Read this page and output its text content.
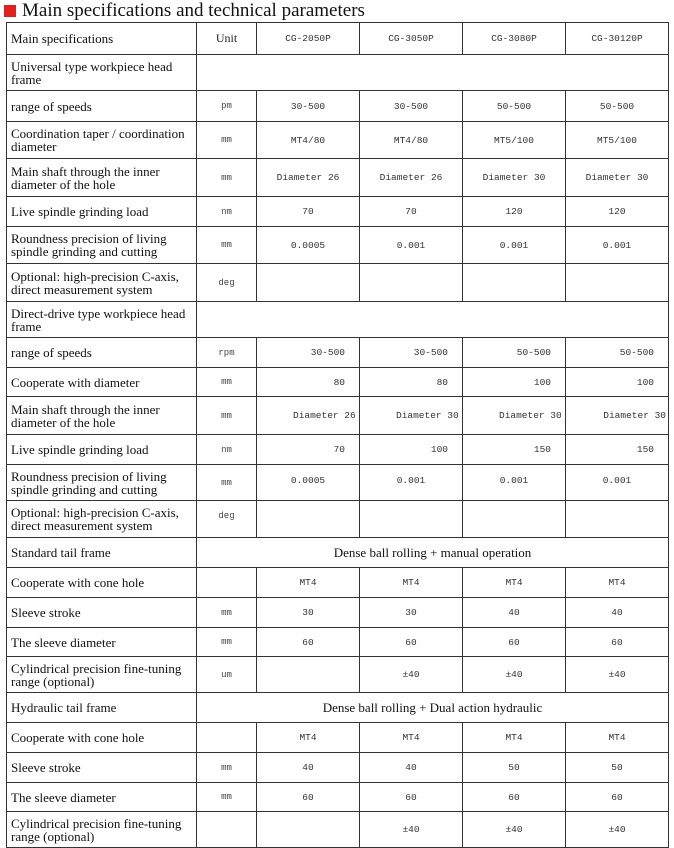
Main specifications and technical parameters
Main specifications	Unit	CG-2050P	CG-3050P	CG-3080P	CG-30120P
Universal type workpiece head frame					
range of speeds	pm	30-500	30-500	50-500	50-500
Coordination taper / coordination diameter	mm	MT4/80	MT4/80	MT5/100	MT5/100
Main shaft through the inner diameter of the hole	mm	Diameter 26	Diameter 26	Diameter 30	Diameter 30
Live spindle grinding load	nm	70	70	120	120
Roundness precision of living spindle grinding and cutting	mm	0.0005	0.001	0.001	0.001
Optional: high-precision C-axis, direct measurement system	deg				
Direct-drive type workpiece head frame					
range of speeds	rpm	30-500	30-500	50-500	50-500
Cooperate with diameter	mm	80	80	100	100
Main shaft through the inner diameter of the hole	mm	Diameter 26	Diameter 30	Diameter 30	Diameter 30
Live spindle grinding load	nm	70	100	150	150
Roundness precision of living spindle grinding and cutting	mm	0.0005	0.001	0.001	0.001
Optional: high-precision C-axis, direct measurement system	deg				
Standard tail frame	Dense ball rolling + manual operation				
Cooperate with cone hole		MT4	MT4	MT4	MT4
Sleeve stroke	mm	30	30	40	40
The sleeve diameter	mm	60	60	60	60
Cylindrical precision fine-tuning range (optional)	um		±40	±40	±40
Hydraulic tail frame	Dense ball rolling + Dual action hydraulic				
Cooperate with cone hole		MT4	MT4	MT4	MT4
Sleeve stroke	mm	40	40	50	50
The sleeve diameter	mm	60	60	60	60
Cylindrical precision fine-tuning range (optional)			±40	±40	±40
